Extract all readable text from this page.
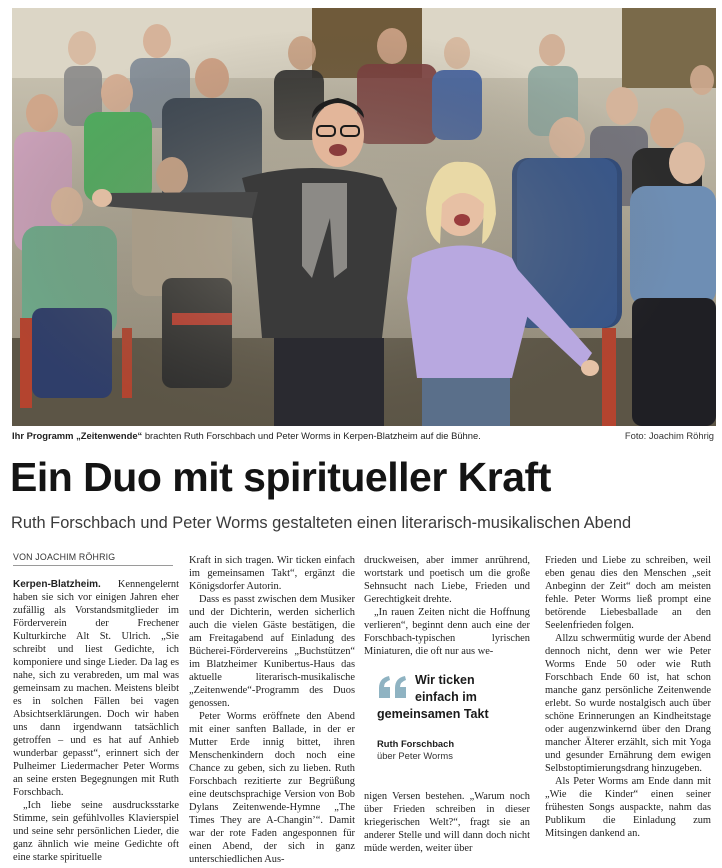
Ihr Programm „Zeitenwende“ brachten Ruth Forschbach und Peter Worms in Kerpen-Blatzheim auf die Bühne.	Foto: Joachim Röhrig
Ein Duo mit spiritueller Kraft
Ruth Forschbach und Peter Worms gestalteten einen literarisch-musikalischen Abend
VON JOACHIM RÖHRIG

Kerpen-Blatzheim. Kennengelernt haben sie sich vor einigen Jahren eher zufällig als Vorstandsmitglieder im Förderverein der Frechener Kulturkirche Alt St. Ulrich. „Sie schreibt und liest Gedichte, ich komponiere und singe Lieder. Da lag es nahe, sich zu verabreden, um mal was gemeinsam zu machen. Meistens bleibt es in solchen Fällen bei vagen Absichtserklärungen. Doch wir haben uns dann irgendwann tatsächlich getroffen – und es hat auf Anhieb wunderbar gepasst“, erinnert sich der Pulheimer Liedermacher Peter Worms an seine ersten Begegnungen mit Ruth Forschbach.

„Ich liebe seine ausdrucksstarke Stimme, sein gefühlvolles Klavierspiel und seine sehr persönlichen Lieder, die ganz ähnlich wie meine Gedichte oft eine starke spirituelle

Kraft in sich tragen. Wir ticken einfach im gemeinsamen Takt“, ergänzt die Königsdorfer Autorin.

Dass es passt zwischen dem Musiker und der Dichterin, werden sicherlich auch die vielen Gäste bestätigen, die am Freitagabend auf Einladung des Bücherei-Fördervereins „Buchstützen“ im Blatzheimer Kunibertus-Haus das aktuelle literarisch-musikalische „Zeitenwende“-Programm des Duos genossen.

Peter Worms eröffnete den Abend mit einer sanften Ballade, in der er Mutter Erde innig bittet, ihren Menschenkindern doch noch eine Chance zu geben, sich zu lieben. Ruth Forschbach rezitierte zur Begrüßung eine deutschsprachige Version von Bob Dylans Zeitenwende-Hymne „The Times They are A-Changin’“. Damit war der rote Faden angesponnen für einen Abend, der sich in ganz unterschiedlichen Aus-

druckweisen, aber immer anrührend, wortstark und poetisch um die große Sehnsucht nach Liebe, Frieden und Gerechtigkeit drehte.

„In rauen Zeiten nicht die Hoffnung verlieren“, beginnt denn auch eine der Forschbach-typischen lyrischen Miniaturen, die oft nur aus we-

nigen Versen bestehen. „Warum noch über Frieden schreiben in dieser kriegerischen Welt?“, fragt sie an anderer Stelle und will dann doch nicht müde werden, weiter über

Wir ticken
einfach im
gemeinsamen Takt
Ruth Forschbach
über Peter Worms

Frieden und Liebe zu schreiben, weil eben genau dies den Menschen „seit Anbeginn der Zeit“ doch am meisten fehle. Peter Worms ließ prompt eine betörende Liebesballade an den Seelenfrieden folgen.

Allzu schwermütig wurde der Abend dennoch nicht, denn wer wie Peter Worms Ende 50 oder wie Ruth Forschbach Ende 60 ist, hat schon manche ganz persönliche Zeitenwende erlebt. So wurde nostalgisch auch über schöne Erinnerungen an Kindheitstage oder augenzwinkernd über den Drang mancher Älterer erzählt, sich mit Yoga und gesunder Ernährung dem ewigen Selbstoptimierungsdrang hinzugeben.

Als Peter Worms am Ende dann mit „Wie die Kinder“ einen seiner frühesten Songs auspackte, nahm das Publikum die Einladung zum Mitsingen dankend an.
